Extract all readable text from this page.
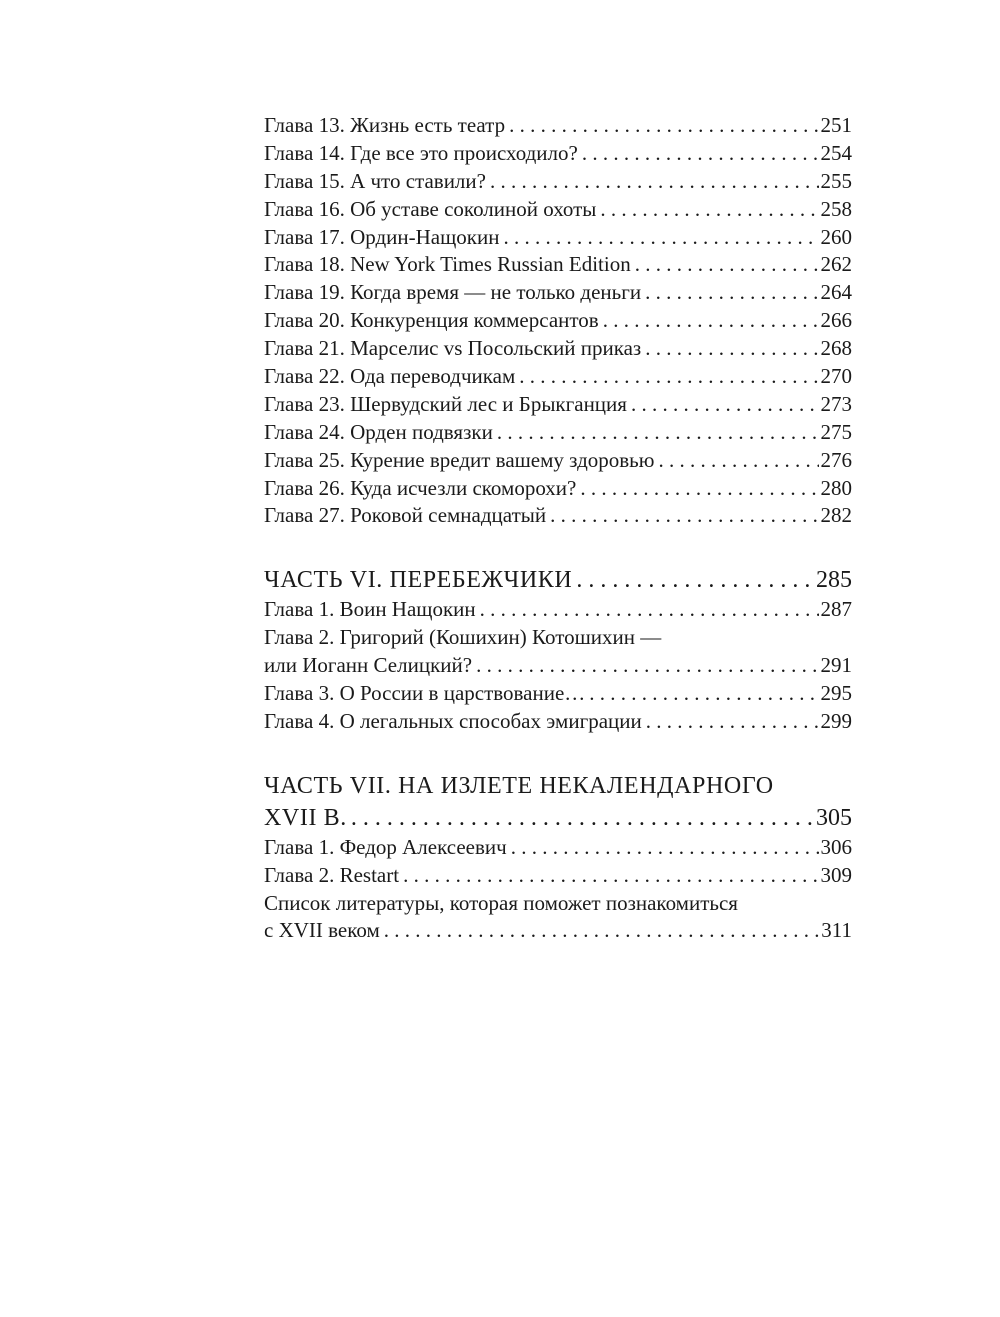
Глава 13. Жизнь есть театр . . .	251
Глава 14. Где все это происходило? . . .	254
Глава 15. А что ставили? . . .	255
Глава 16. Об уставе соколиной охоты . . .	258
Глава 17. Ордин-Нащокин . . .	260
Глава 18. New York Times Russian Edition . . .	262
Глава 19. Когда время — не только деньги . . .	264
Глава 20. Конкуренция коммерсантов . . .	266
Глава 21. Марселис vs Посольский приказ . . .	268
Глава 22. Ода переводчикам . . .	270
Глава 23. Шервудский лес и Брыкганция . . .	273
Глава 24. Орден подвязки . . .	275
Глава 25. Курение вредит вашему здоровью . . .	276
Глава 26. Куда исчезли скоморохи? . . .	280
Глава 27. Роковой семнадцатый . . .	282
ЧАСТЬ VI. ПЕРЕБЕЖЧИКИ . . .	285
Глава 1. Воин Нащокин . . .	287
Глава 2. Григорий (Кошихин) Котошихин —
или Иоганн Селицкий? . . .	291
Глава 3. О России в царствование… . . .	295
Глава 4. О легальных способах эмиграции . . .	299
ЧАСТЬ VII. НА ИЗЛЕТЕ НЕКАЛЕНДАРНОГО
XVII В. . . .	305
Глава 1. Федор Алексеевич . . .	306
Глава 2. Restart . . .	309
Список литературы, которая поможет познакомиться
с XVII веком . . .	311
